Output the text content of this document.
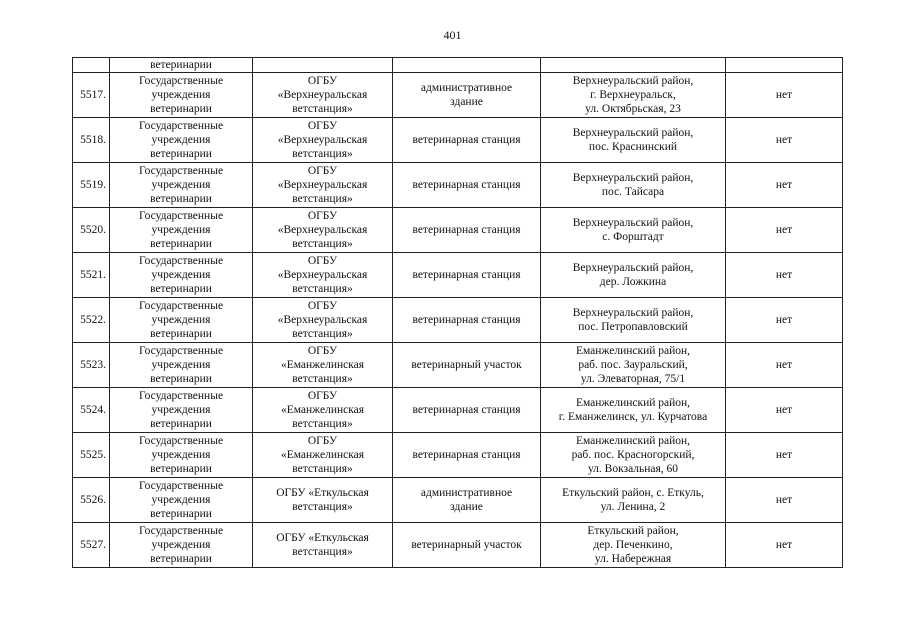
401
	ветеринарии				
5517.	Государственные
учреждения
ветеринарии	ОГБУ
«Верхнеуральская
ветстанция»	административное
здание	Верхнеуральский район,
г. Верхнеуральск,
ул. Октябрьская, 23	нет
5518.	Государственные
учреждения
ветеринарии	ОГБУ
«Верхнеуральская
ветстанция»	ветеринарная станция	Верхнеуральский район,
пос. Краснинский	нет
5519.	Государственные
учреждения
ветеринарии	ОГБУ
«Верхнеуральская
ветстанция»	ветеринарная станция	Верхнеуральский район,
пос. Тайсара	нет
5520.	Государственные
учреждения
ветеринарии	ОГБУ
«Верхнеуральская
ветстанция»	ветеринарная станция	Верхнеуральский район,
с. Форштадт	нет
5521.	Государственные
учреждения
ветеринарии	ОГБУ
«Верхнеуральская
ветстанция»	ветеринарная станция	Верхнеуральский район,
дер. Ложкина	нет
5522.	Государственные
учреждения
ветеринарии	ОГБУ
«Верхнеуральская
ветстанция»	ветеринарная станция	Верхнеуральский район,
пос. Петропавловский	нет
5523.	Государственные
учреждения
ветеринарии	ОГБУ
«Еманжелинская
ветстанция»	ветеринарный участок	Еманжелинский район,
раб. пос. Зауральский,
ул. Элеваторная, 75/1	нет
5524.	Государственные
учреждения
ветеринарии	ОГБУ
«Еманжелинская
ветстанция»	ветеринарная станция	Еманжелинский район,
г. Еманжелинск, ул. Курчатова	нет
5525.	Государственные
учреждения
ветеринарии	ОГБУ
«Еманжелинская
ветстанция»	ветеринарная станция	Еманжелинский район,
раб. пос. Красногорский,
ул. Вокзальная, 60	нет
5526.	Государственные
учреждения
ветеринарии	ОГБУ «Еткульская
ветстанция»	административное
здание	Еткульский район, с. Еткуль,
ул. Ленина, 2	нет
5527.	Государственные
учреждения
ветеринарии	ОГБУ «Еткульская
ветстанция»	ветеринарный участок	Еткульский район,
дер. Печенкино,
ул. Набережная	нет
